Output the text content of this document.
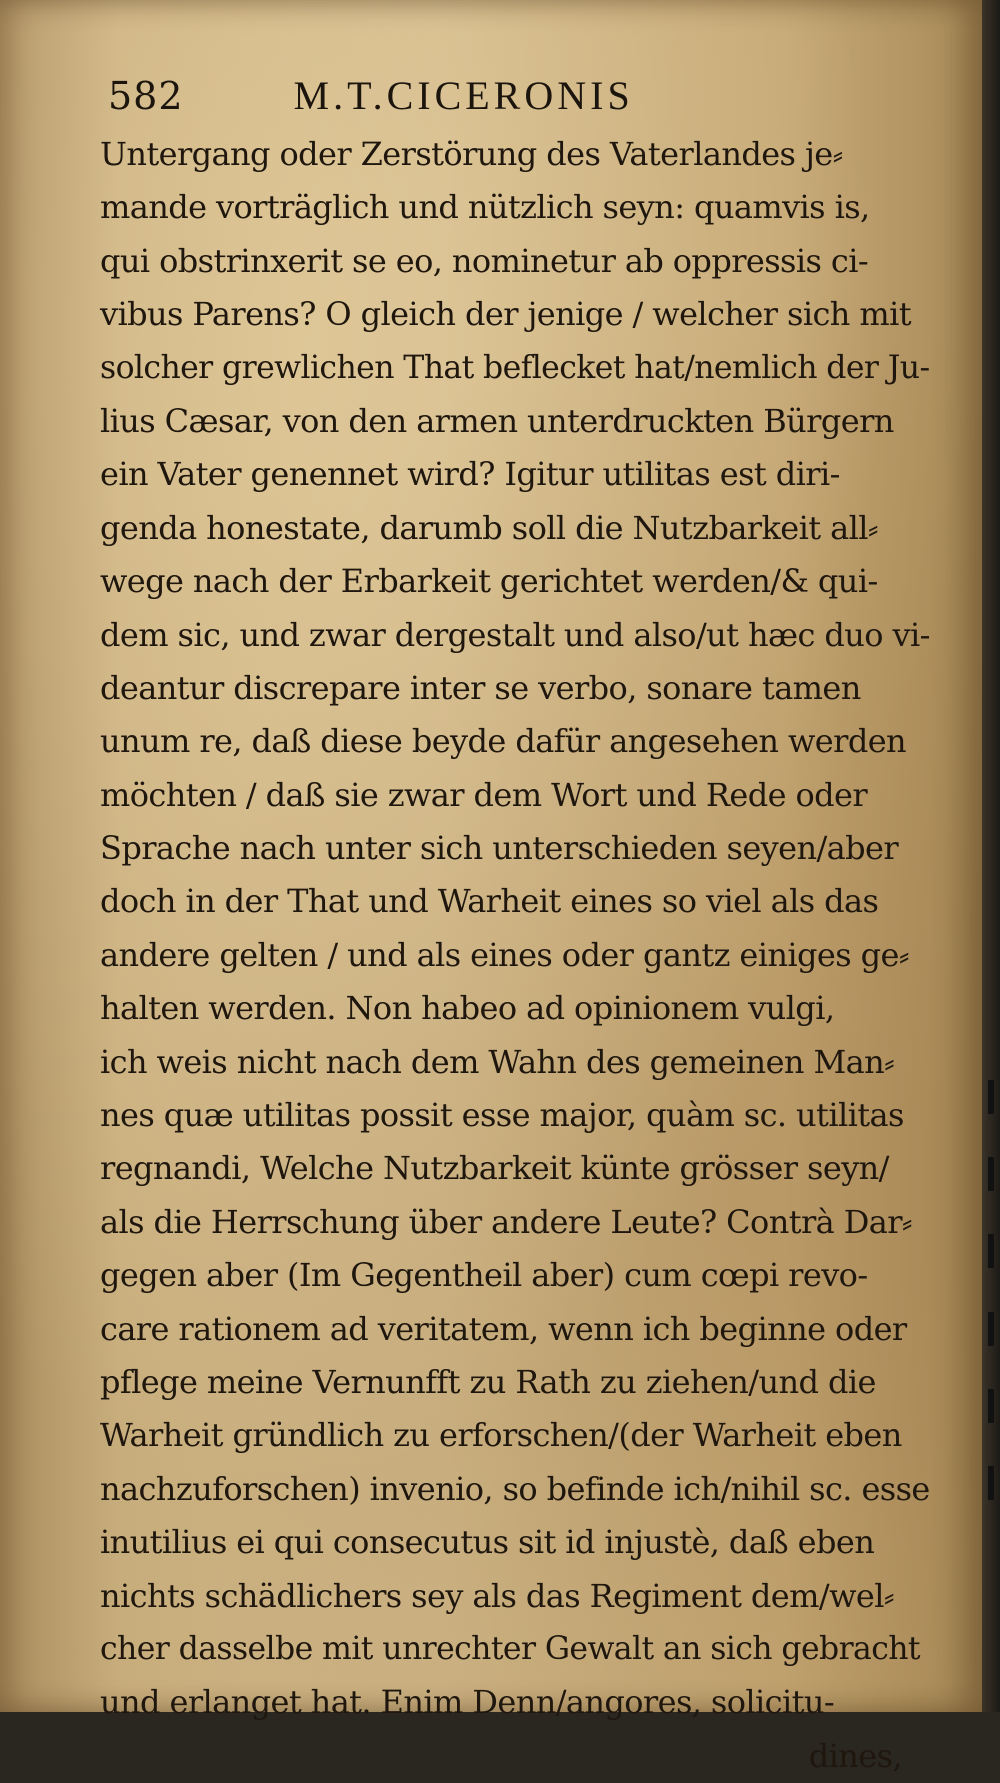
582	M.T.CICERONIS
Untergang oder Zerstörung des Vaterlandes je⸗
mande vorträglich und nützlich seyn: quamvis is,
qui obstrinxerit se eo, nominetur ab oppressis ci-
vibus Parens? O gleich der jenige / welcher sich mit
solcher grewlichen That beflecket hat/nemlich der Ju-
lius Cæsar, von den armen unterdruckten Bürgern
ein Vater genennet wird? Igitur utilitas est diri-
genda honestate, darumb soll die Nutzbarkeit all⸗
wege nach der Erbarkeit gerichtet werden/& qui-
dem sic, und zwar dergestalt und also/ut hæc duo vi-
deantur discrepare inter se verbo, sonare tamen
unum re, daß diese beyde dafür angesehen werden
möchten / daß sie zwar dem Wort und Rede oder
Sprache nach unter sich unterschieden seyen/aber
doch in der That und Warheit eines so viel als das
andere gelten / und als eines oder gantz einiges ge⸗
halten werden. Non habeo ad opinionem vulgi,
ich weis nicht nach dem Wahn des gemeinen Man⸗
nes quæ utilitas possit esse major, quàm sc. utilitas
regnandi, Welche Nutzbarkeit künte grösser seyn/
als die Herrschung über andere Leute? Contrà Dar⸗
gegen aber (Im Gegentheil aber) cum cœpi revo-
care rationem ad veritatem, wenn ich beginne oder
pflege meine Vernunfft zu Rath zu ziehen/und die
Warheit gründlich zu erforschen/(der Warheit eben
nachzuforschen) invenio, so befinde ich/nihil sc. esse
inutilius ei qui consecutus sit id injustè, daß eben
nichts schädlichers sey als das Regiment dem/wel⸗
cher dasselbe mit unrechter Gewalt an sich gebracht
und erlanget hat. Enim Denn/angores, solicitu-
dines,
